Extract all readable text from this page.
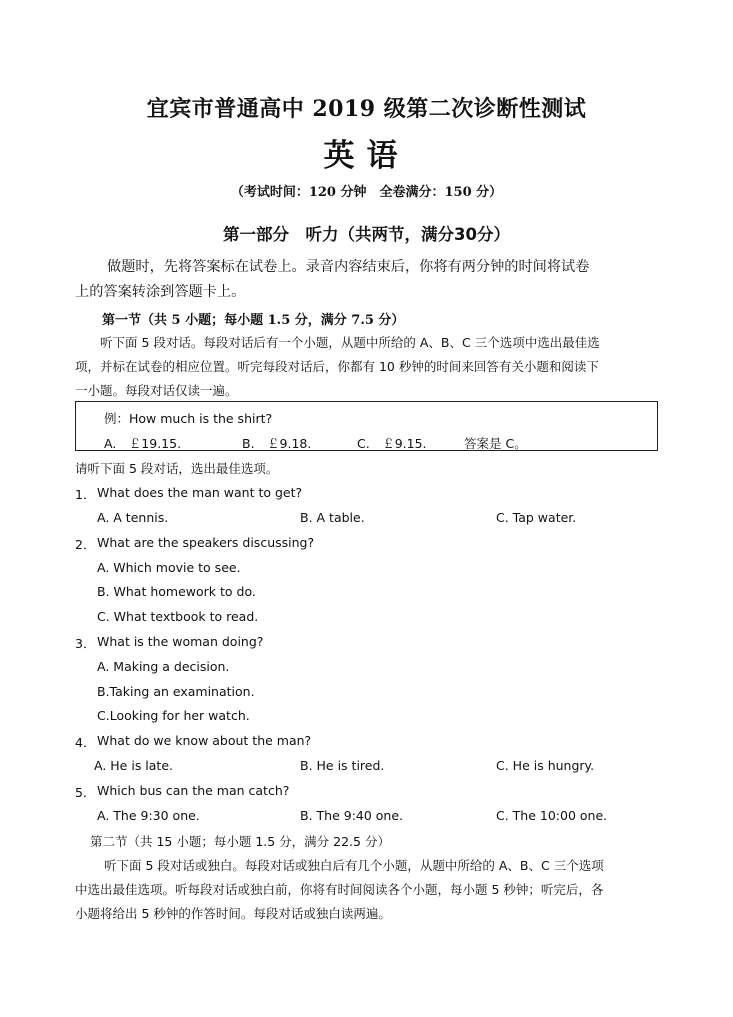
宜宾市普通高中 2019 级第二次诊断性测试
英语
（考试时间：120 分钟　全卷满分：150 分）
第一部分　听力（共两节，满分30分）
做题时，先将答案标在试卷上。录音内容结束后，你将有两分钟的时间将试卷
上的答案转涂到答题卡上。
第一节（共 5 小题；每小题 1.5 分，满分 7.5 分）
听下面 5 段对话。每段对话后有一个小题，从题中所给的 A、B、C 三个选项中选出最佳选
项，并标在试卷的相应位置。听完每段对话后，你都有 10 秒钟的时间来回答有关小题和阅读下
一小题。每段对话仅读一遍。
例：How much is the shirt?
A.　￡19.15.	B.　￡9.18.	C.　￡9.15.	答案是 C。
请听下面 5 段对话，选出最佳选项。
1． What does the man want to get?
A. A tennis.	B. A table.	C. Tap water.
2． What are the speakers discussing?
A. Which movie to see.
B. What homework to do.
C. What textbook to read.
3． What is the woman doing?
A. Making a decision.
B.Taking an examination.
C.Looking for her watch.
4． What do we know about the man?
A. He is late.	B. He is tired.	C. He is hungry.
5． Which bus can the man catch?
A. The 9:30 one.	B. The 9:40 one.	C. The 10:00 one.
第二节（共 15 小题；每小题 1.5 分，满分 22.5 分）
听下面 5 段对话或独白。每段对话或独白后有几个小题，从题中所给的 A、B、C 三个选项
中选出最佳选项。听每段对话或独白前，你将有时间阅读各个小题，每小题 5 秒钟；听完后，各
小题将给出 5 秒钟的作答时间。每段对话或独白读两遍。
